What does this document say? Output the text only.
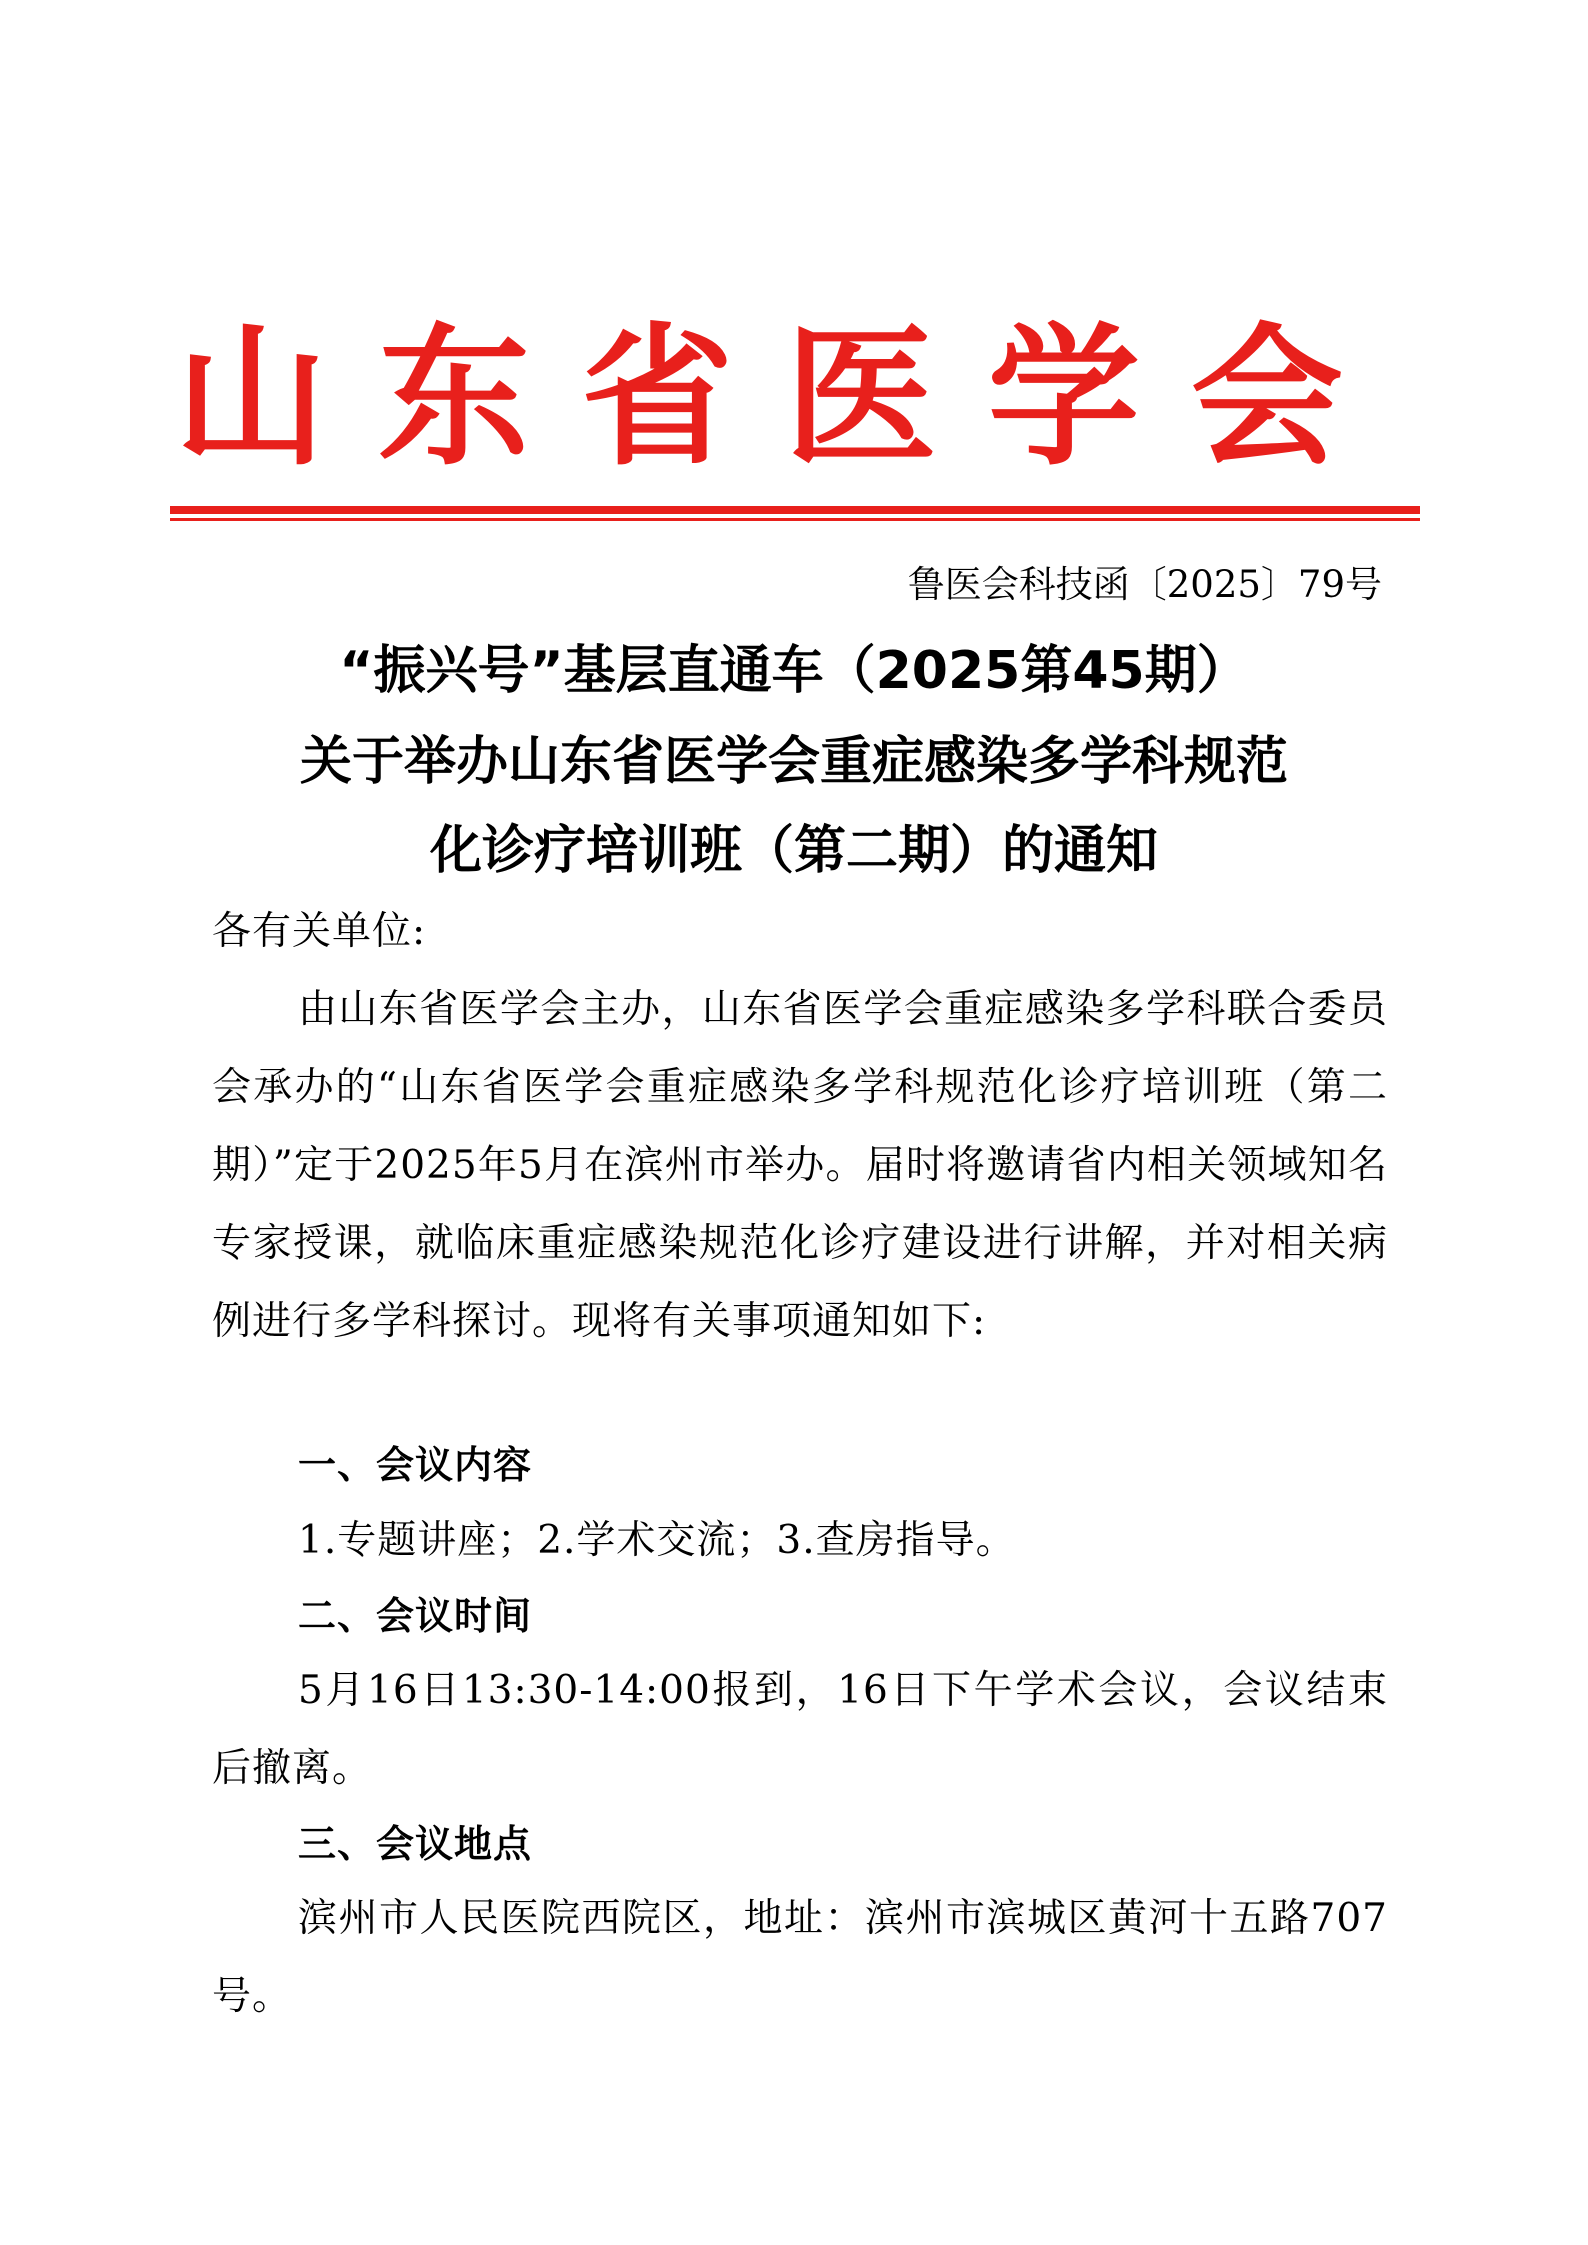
山 东 省 医 学 会
鲁医会科技函〔2025〕79号
“振兴号”基层直通车（2025第45期）
关于举办山东省医学会重症感染多学科规范
化诊疗培训班（第二期）的通知
各有关单位:
由山东省医学会主办，山东省医学会重症感染多学科联合委员会承办的“山东省医学会重症感染多学科规范化诊疗培训班（第二期）”定于2025年5月在滨州市举办。届时将邀请省内相关领域知名专家授课，就临床重症感染规范化诊疗建设进行讲解，并对相关病例进行多学科探讨。现将有关事项通知如下:
一、会议内容
1.专题讲座；2.学术交流；3.查房指导。
二、会议时间
5月16日13:30-14:00报到，16日下午学术会议，会议结束后撤离。
三、会议地点
滨州市人民医院西院区，地址：滨州市滨城区黄河十五路707号。
